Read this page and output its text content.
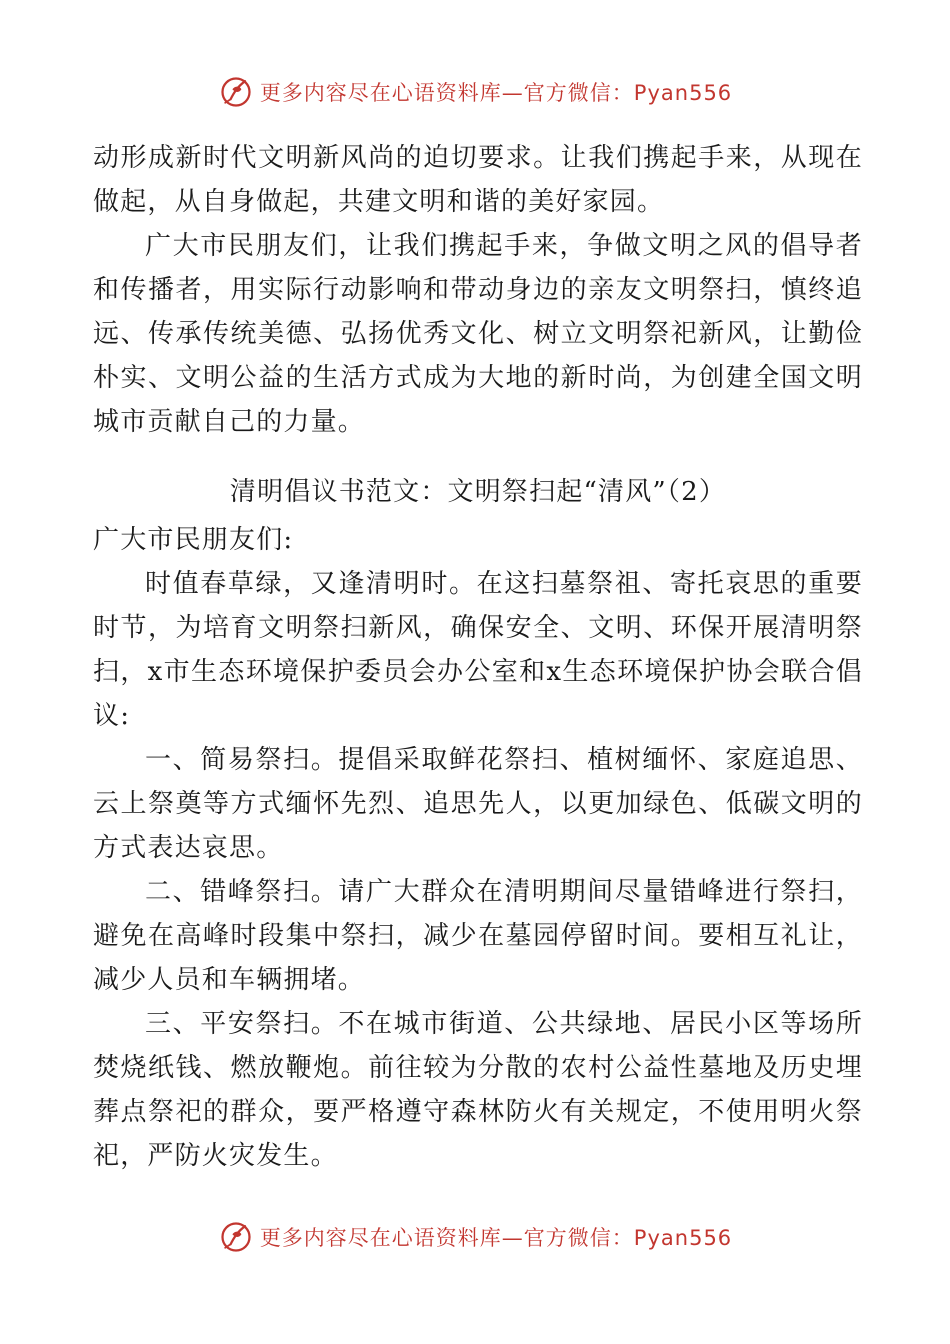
更多内容尽在心语资料库—官方微信：Pyan556

动形成新时代文明新风尚的迫切要求。让我们携起手来，从现在做起，从自身做起，共建文明和谐的美好家园。

广大市民朋友们，让我们携起手来，争做文明之风的倡导者和传播者，用实际行动影响和带动身边的亲友文明祭扫，慎终追远、传承传统美德、弘扬优秀文化、树立文明祭祀新风，让勤俭朴实、文明公益的生活方式成为大地的新时尚，为创建全国文明城市贡献自己的力量。

清明倡议书范文：文明祭扫起“清风”（2）

广大市民朋友们:

时值春草绿，又逢清明时。在这扫墓祭祖、寄托哀思的重要时节，为培育文明祭扫新风，确保安全、文明、环保开展清明祭扫，x市生态环境保护委员会办公室和x生态环境保护协会联合倡议:

一、简易祭扫。提倡采取鲜花祭扫、植树缅怀、家庭追思、云上祭奠等方式缅怀先烈、追思先人，以更加绿色、低碳文明的方式表达哀思。

二、错峰祭扫。请广大群众在清明期间尽量错峰进行祭扫，避免在高峰时段集中祭扫，减少在墓园停留时间。要相互礼让，减少人员和车辆拥堵。

三、平安祭扫。不在城市街道、公共绿地、居民小区等场所焚烧纸钱、燃放鞭炮。前往较为分散的农村公益性墓地及历史埋葬点祭祀的群众，要严格遵守森林防火有关规定，不使用明火祭祀，严防火灾发生。

更多内容尽在心语资料库—官方微信：Pyan556
